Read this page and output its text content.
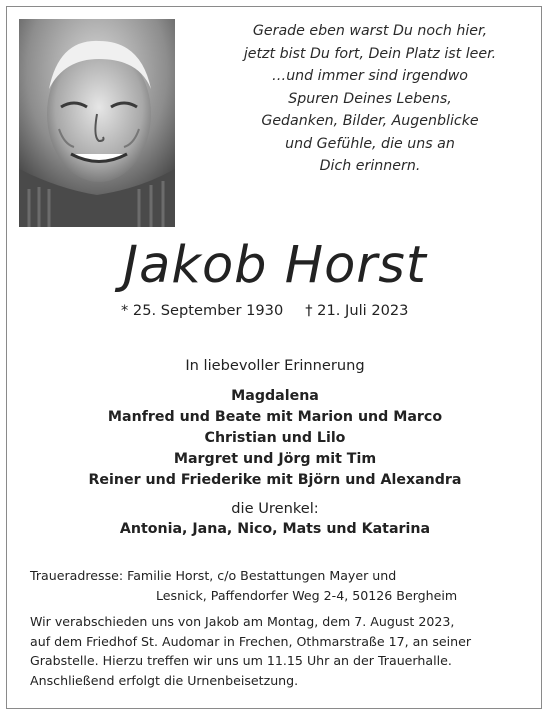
Gerade eben warst Du noch hier,
jetzt bist Du fort, Dein Platz ist leer.
…und immer sind irgendwo
Spuren Deines Lebens,
Gedanken, Bilder, Augenblicke
und Gefühle, die uns an
Dich erinnern.
Jakob Horst
* 25. September 1930 † 21. Juli 2023
In liebevoller Erinnerung
Magdalena
Manfred und Beate mit Marion und Marco
Christian und Lilo
Margret und Jörg mit Tim
Reiner und Friederike mit Björn und Alexandra
die Urenkel:
Antonia, Jana, Nico, Mats und Katarina
Traueradresse: Familie Horst, c/o Bestattungen Mayer und
Lesnick, Paffendorfer Weg 2-4, 50126 Bergheim
Wir verabschieden uns von Jakob am Montag, dem 7. August 2023,
auf dem Friedhof St. Audomar in Frechen, Othmarstraße 17, an seiner
Grabstelle. Hierzu treffen wir uns um 11.15 Uhr an der Trauerhalle.
Anschließend erfolgt die Urnenbeisetzung.
